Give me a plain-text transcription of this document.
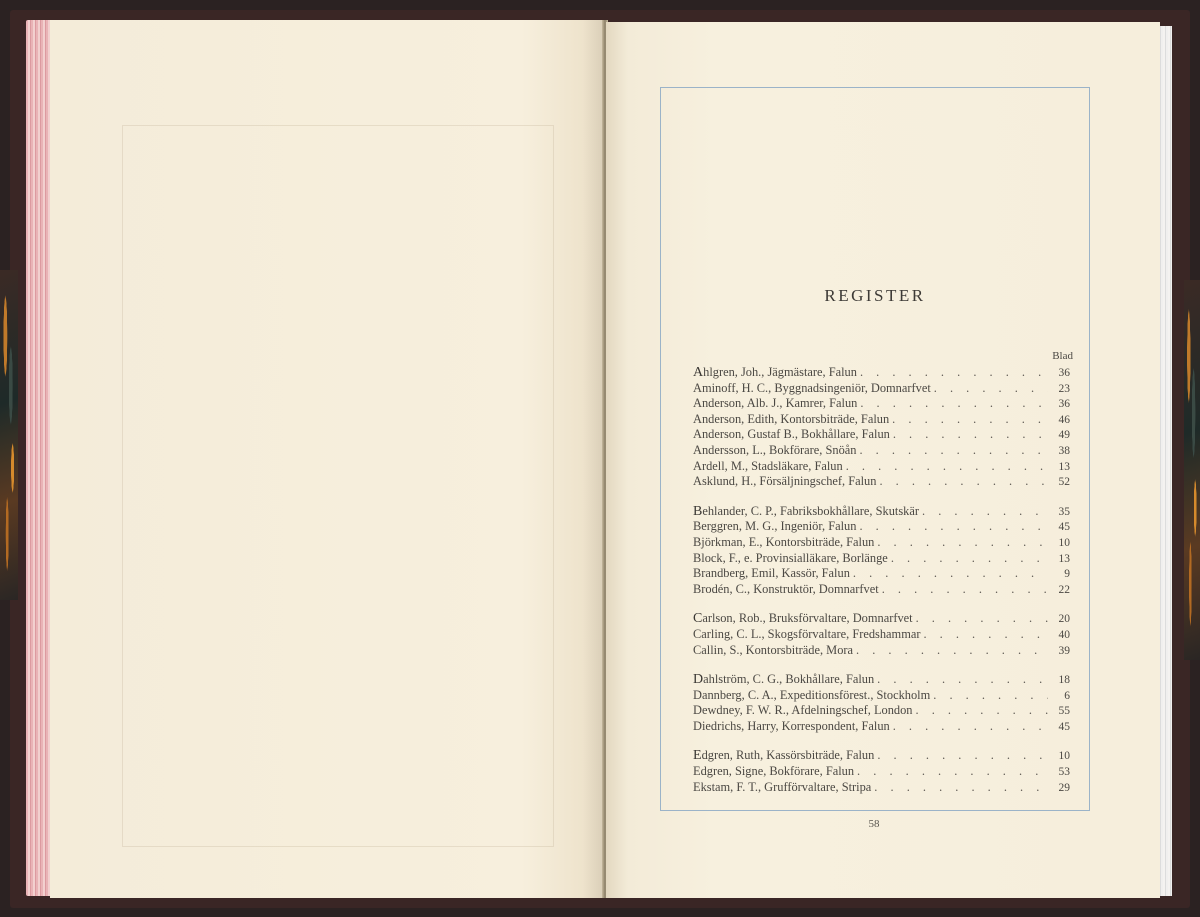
REGISTER
Blad
Ahlgren, Joh., Jägmästare, Falun . . .	36
Aminoff, H. C., Byggnadsingeniör, Domnarfvet . . .	23
Anderson, Alb. J., Kamrer, Falun . . .	36
Anderson, Edith, Kontorsbiträde, Falun . . .	46
Anderson, Gustaf B., Bokhållare, Falun . . .	49
Andersson, L., Bokförare, Snöån . . .	38
Ardell, M., Stadsläkare, Falun . . .	13
Asklund, H., Försäljningschef, Falun . . .	52
Behlander, C. P., Fabriksbokhållare, Skutskär . . .	35
Berggren, M. G., Ingeniör, Falun . . .	45
Björkman, E., Kontorsbiträde, Falun . . .	10
Block, F., e. Provinsialläkare, Borlänge . . .	13
Brandberg, Emil, Kassör, Falun . . .	9
Brodén, C., Konstruktör, Domnarfvet . . .	22
Carlson, Rob., Bruksförvaltare, Domnarfvet . . .	20
Carling, C. L., Skogsförvaltare, Fredshammar . . .	40
Callin, S., Kontorsbiträde, Mora . . .	39
Dahlström, C. G., Bokhållare, Falun . . .	18
Dannberg, C. A., Expeditionsförest., Stockholm . . .	6
Dewdney, F. W. R., Afdelningschef, London . . .	55
Diedrichs, Harry, Korrespondent, Falun . . .	45
Edgren, Ruth, Kassörsbiträde, Falun . . .	10
Edgren, Signe, Bokförare, Falun . . .	53
Ekstam, F. T., Grufförvaltare, Stripa . . .	29
58
